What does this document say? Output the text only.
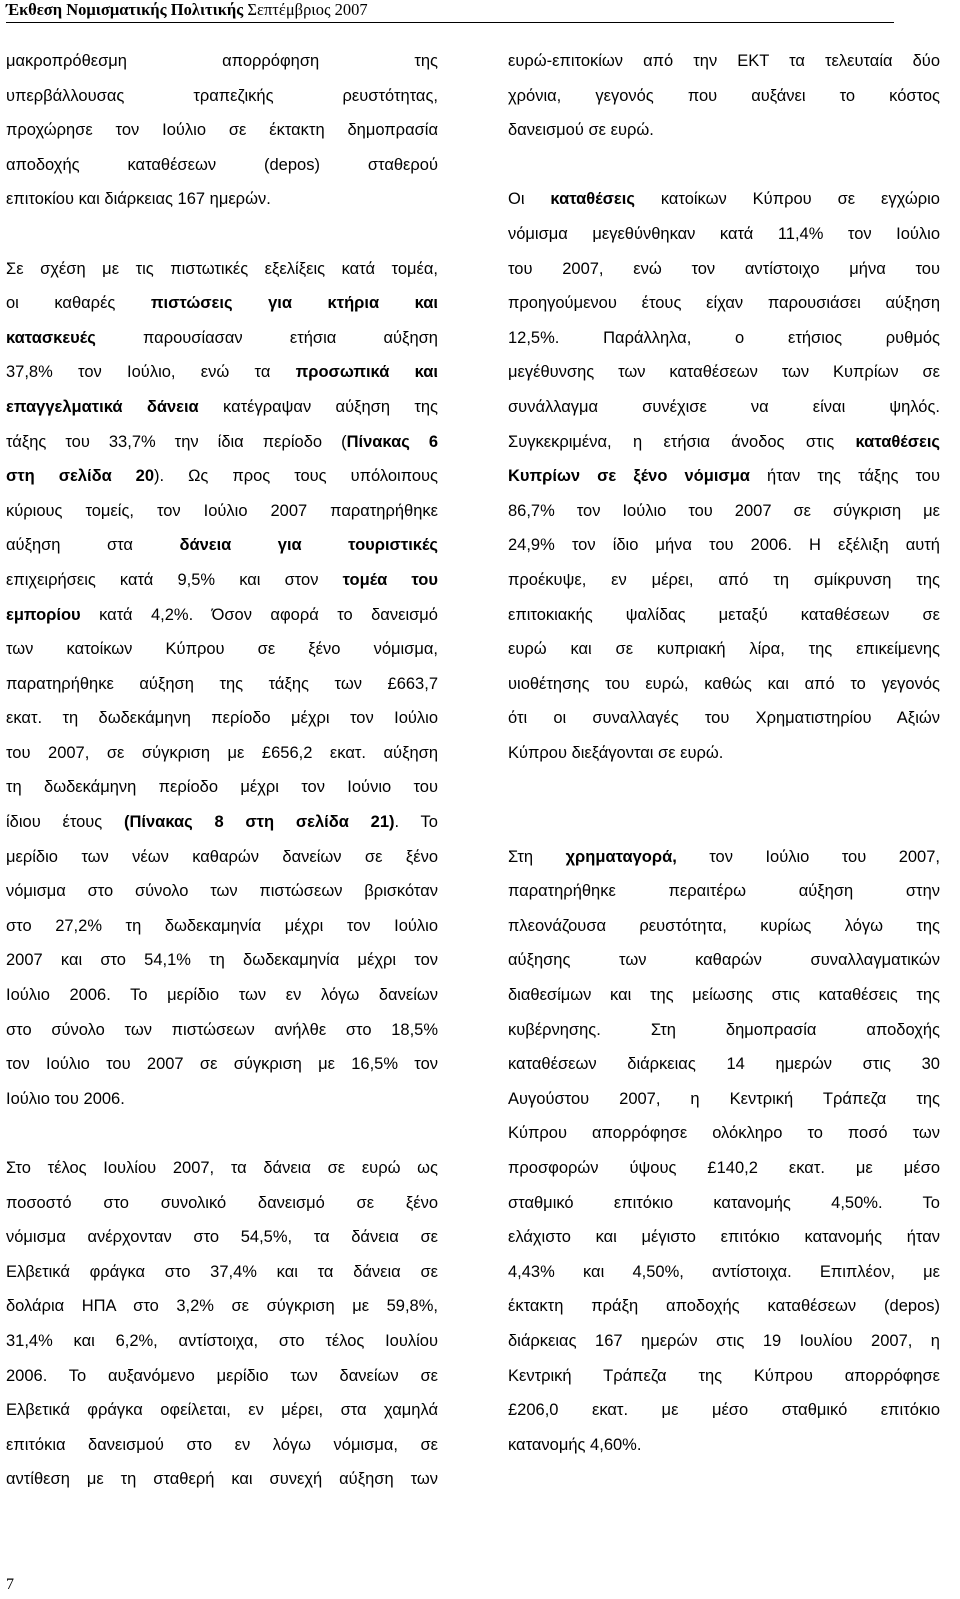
Έκθεση Νομισματικής Πολιτικής Σεπτέμβριος 2007
μακροπρόθεσμη απορρόφηση της
υπερβάλλουσας τραπεζικής ρευστότητας,
προχώρησε τον Ιούλιο σε έκτακτη δημοπρασία
αποδοχής καταθέσεων (depos) σταθερού
επιτοκίου και διάρκειας 167 ημερών.
Σε σχέση με τις πιστωτικές εξελίξεις κατά τομέα,
οι καθαρές πιστώσεις για κτήρια και
κατασκευές παρουσίασαν ετήσια αύξηση
37,8% τον Ιούλιο, ενώ τα προσωπικά και
επαγγελματικά δάνεια κατέγραψαν αύξηση της
τάξης του 33,7% την ίδια περίοδο (Πίνακας 6
στη σελίδα 20). Ως προς τους υπόλοιπους
κύριους τομείς, τον Ιούλιο 2007 παρατηρήθηκε
αύξηση στα δάνεια για τουριστικές
επιχειρήσεις κατά 9,5% και στον τομέα του
εμπορίου κατά 4,2%. Όσον αφορά το δανεισμό
των κατοίκων Κύπρου σε ξένο νόμισμα,
παρατηρήθηκε αύξηση της τάξης των £663,7
εκατ. τη δωδεκάμηνη περίοδο μέχρι τον Ιούλιο
του 2007, σε σύγκριση με £656,2 εκατ. αύξηση
τη δωδεκάμηνη περίοδο μέχρι τον Ιούνιο του
ίδιου έτους (Πίνακας 8 στη σελίδα 21). Το
μερίδιο των νέων καθαρών δανείων σε ξένο
νόμισμα στο σύνολο των πιστώσεων βρισκόταν
στο 27,2% τη δωδεκαμηνία μέχρι τον Ιούλιο
2007 και στο 54,1% τη δωδεκαμηνία μέχρι τον
Ιούλιο 2006. Το μερίδιο των εν λόγω δανείων
στο σύνολο των πιστώσεων ανήλθε στο 18,5%
τον Ιούλιο του 2007 σε σύγκριση με 16,5% τον
Ιούλιο του 2006.
Στο τέλος Ιουλίου 2007, τα δάνεια σε ευρώ ως
ποσοστό στο συνολικό δανεισμό σε ξένο
νόμισμα ανέρχονταν στο 54,5%, τα δάνεια σε
Ελβετικά φράγκα στο 37,4% και τα δάνεια σε
δολάρια ΗΠΑ στο 3,2% σε σύγκριση με 59,8%,
31,4% και 6,2%, αντίστοιχα, στο τέλος Ιουλίου
2006. Το αυξανόμενο μερίδιο των δανείων σε
Ελβετικά φράγκα οφείλεται, εν μέρει, στα χαμηλά
επιτόκια δανεισμού στο εν λόγω νόμισμα, σε
αντίθεση με τη σταθερή και συνεχή αύξηση των
ευρώ-επιτοκίων από την ΕΚΤ τα τελευταία δύο
χρόνια, γεγονός που αυξάνει το κόστος
δανεισμού σε ευρώ.
Οι καταθέσεις κατοίκων Κύπρου σε εγχώριο
νόμισμα μεγεθύνθηκαν κατά 11,4% τον Ιούλιο
του 2007, ενώ τον αντίστοιχο μήνα του
προηγούμενου έτους είχαν παρουσιάσει αύξηση
12,5%. Παράλληλα, ο ετήσιος ρυθμός
μεγέθυνσης των καταθέσεων των Κυπρίων σε
συνάλλαγμα συνέχισε να είναι ψηλός.
Συγκεκριμένα, η ετήσια άνοδος στις καταθέσεις
Κυπρίων σε ξένο νόμισμα ήταν της τάξης του
86,7% τον Ιούλιο του 2007 σε σύγκριση με
24,9% τον ίδιο μήνα του 2006. Η εξέλιξη αυτή
προέκυψε, εν μέρει, από τη σμίκρυνση της
επιτοκιακής ψαλίδας μεταξύ καταθέσεων σε
ευρώ και σε κυπριακή λίρα, της επικείμενης
υιοθέτησης του ευρώ, καθώς και από το γεγονός
ότι οι συναλλαγές του Χρηματιστηρίου Αξιών
Κύπρου διεξάγονται σε ευρώ.
Στη χρηματαγορά, τον Ιούλιο του 2007,
παρατηρήθηκε περαιτέρω αύξηση στην
πλεονάζουσα ρευστότητα, κυρίως λόγω της
αύξησης των καθαρών συναλλαγματικών
διαθεσίμων και της μείωσης στις καταθέσεις της
κυβέρνησης. Στη δημοπρασία αποδοχής
καταθέσεων διάρκειας 14 ημερών στις 30
Αυγούστου 2007, η Κεντρική Τράπεζα της
Κύπρου απορρόφησε ολόκληρο το ποσό των
προσφορών ύψους £140,2 εκατ. με μέσο
σταθμικό επιτόκιο κατανομής 4,50%. Το
ελάχιστο και μέγιστο επιτόκιο κατανομής ήταν
4,43% και 4,50%, αντίστοιχα. Επιπλέον, με
έκτακτη πράξη αποδοχής καταθέσεων (depos)
διάρκειας 167 ημερών στις 19 Ιουλίου 2007, η
Κεντρική Τράπεζα της Κύπρου απορρόφησε
£206,0 εκατ. με μέσο σταθμικό επιτόκιο
κατανομής 4,60%.
7
